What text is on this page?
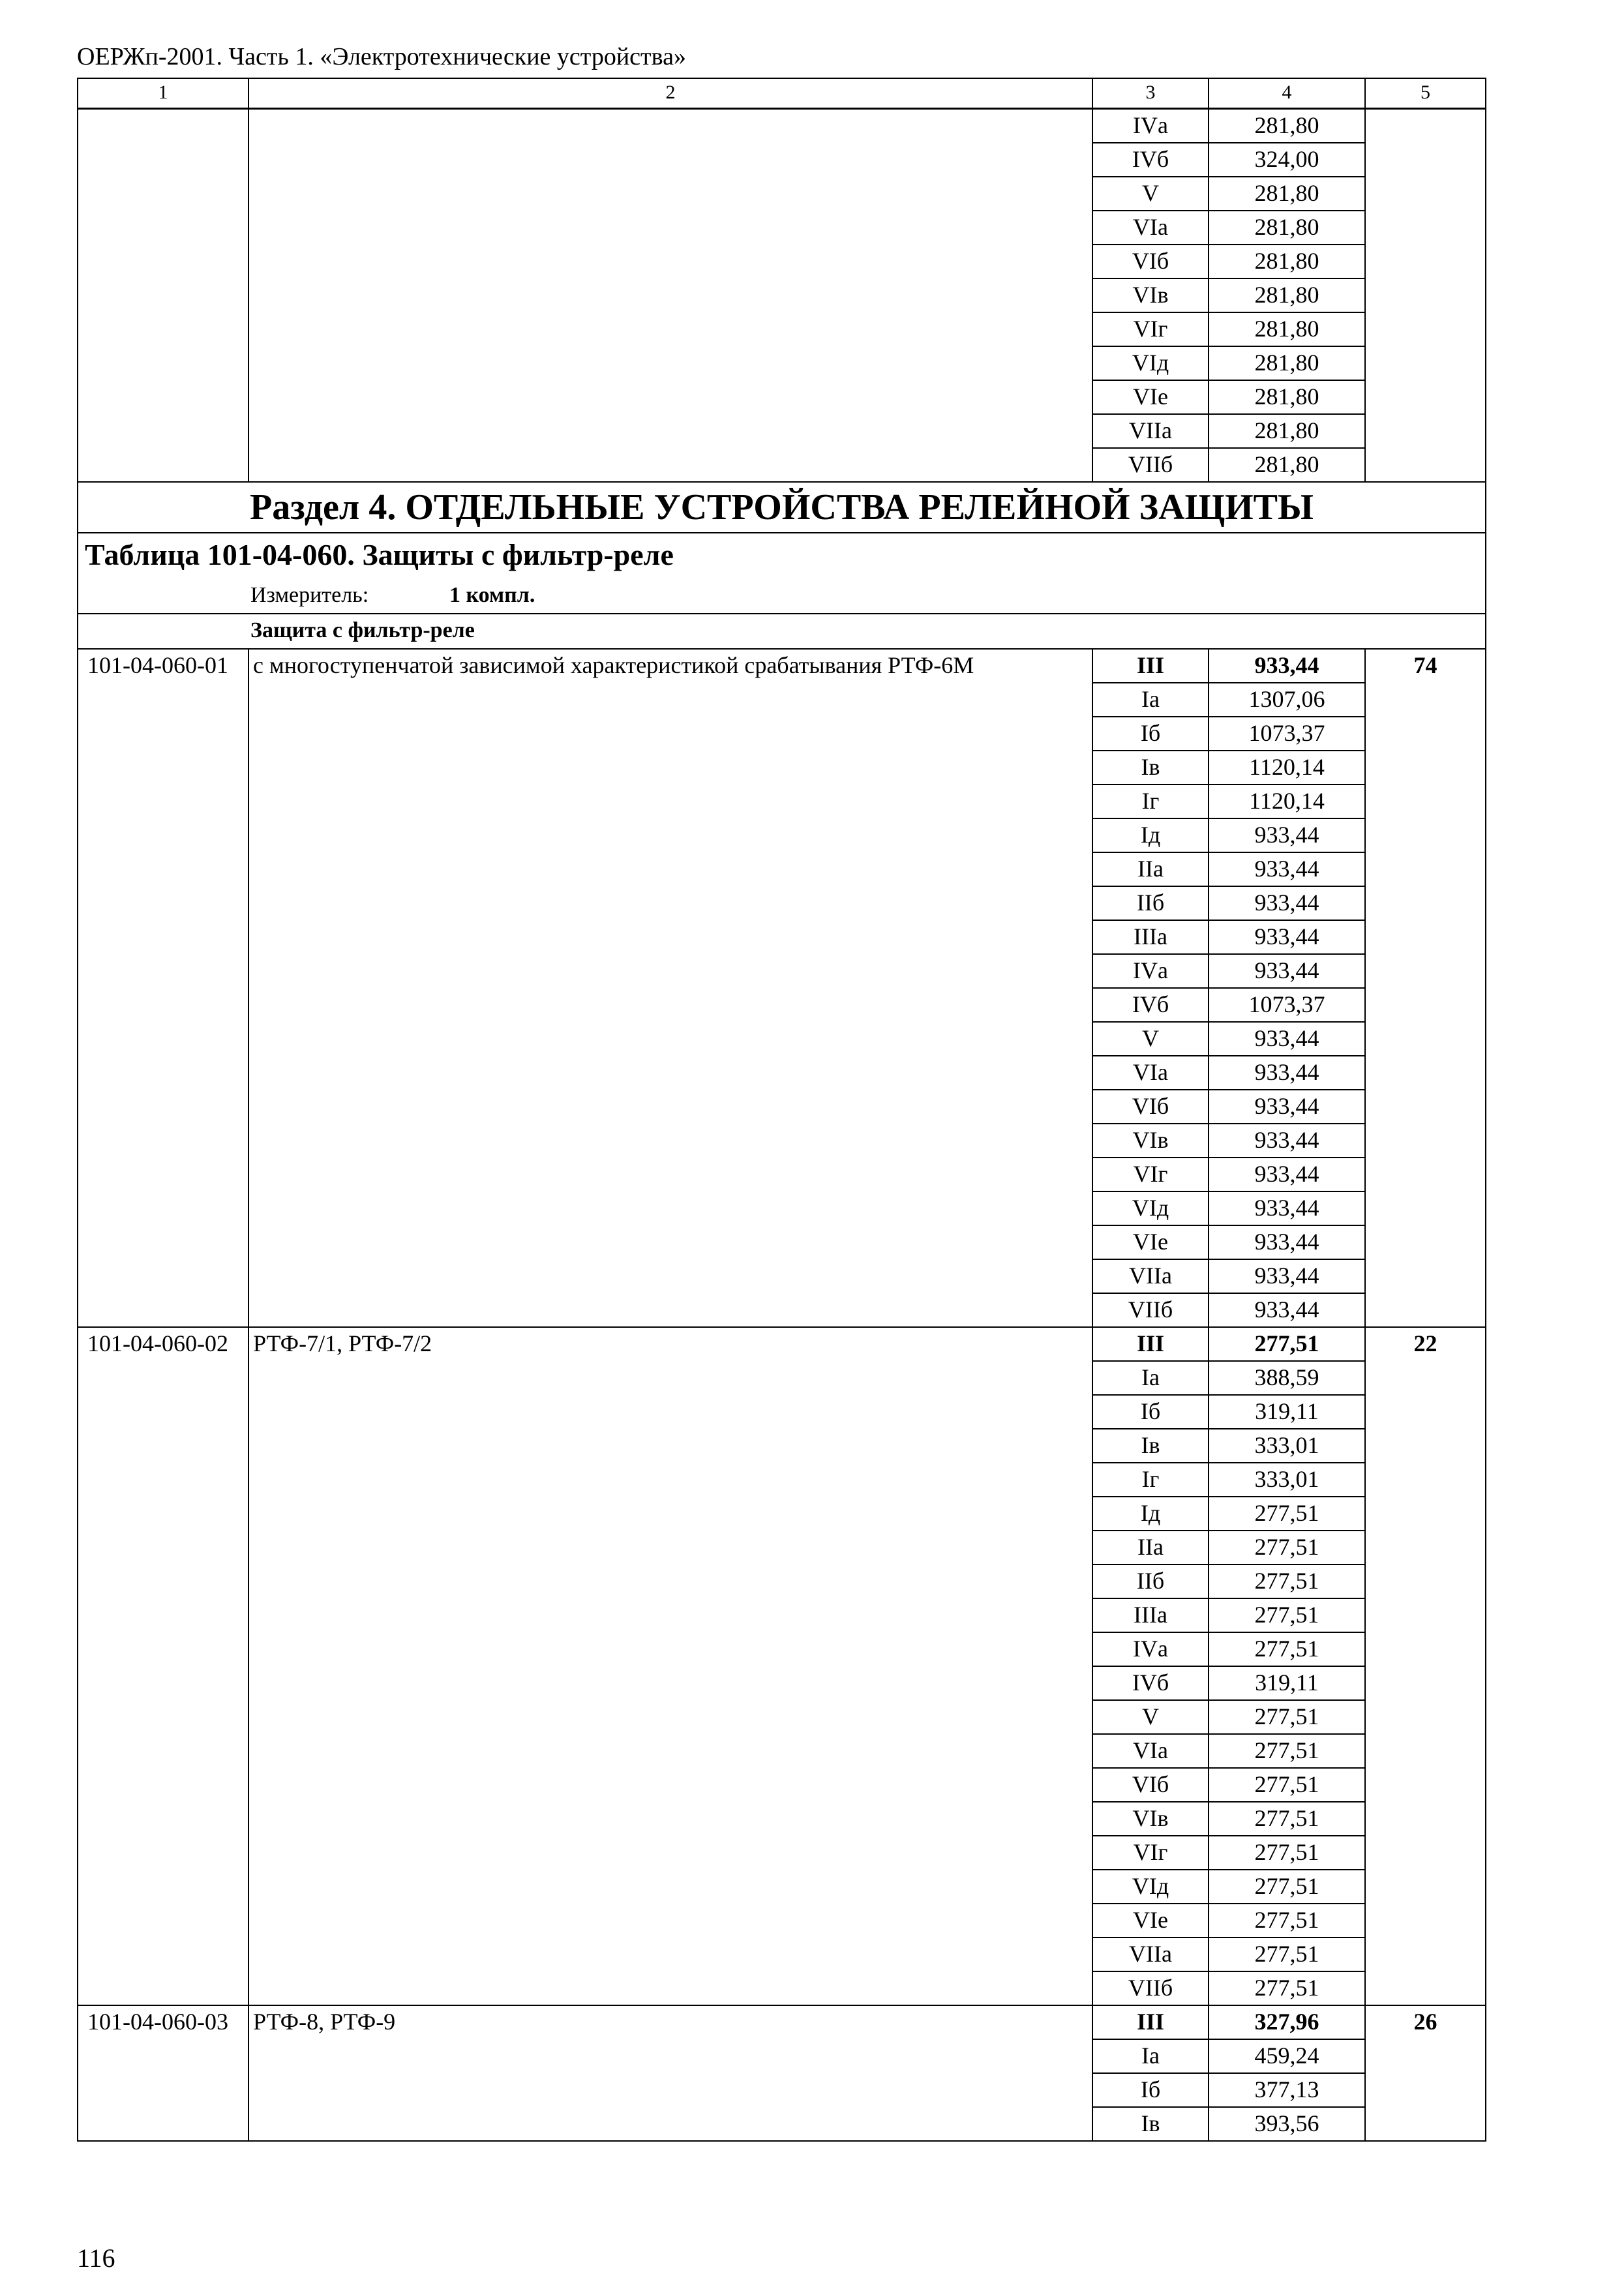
ОЕРЖп-2001. Часть 1. «Электротехнические устройства»
1	2	3	4	5
		IVа	281,80	
		IVб	324,00	
		V	281,80	
		VIа	281,80	
		VIб	281,80	
		VIв	281,80	
		VIг	281,80	
		VIд	281,80	
		VIе	281,80	
		VIIа	281,80	
		VIIб	281,80	
Раздел 4. ОТДЕЛЬНЫЕ УСТРОЙСТВА РЕЛЕЙНОЙ ЗАЩИТЫ				
Таблица 101-04-060. Защиты с фильтр-реле				
Измеритель: 1 компл.				
Защита с фильтр-реле				
101-04-060-01	с многоступенчатой зависимой характеристикой срабатывания РТФ-6М	III	933,44	74
		Iа	1307,06	
		Iб	1073,37	
		Iв	1120,14	
		Iг	1120,14	
		Iд	933,44	
		IIа	933,44	
		IIб	933,44	
		IIIа	933,44	
		IVа	933,44	
		IVб	1073,37	
		V	933,44	
		VIа	933,44	
		VIб	933,44	
		VIв	933,44	
		VIг	933,44	
		VIд	933,44	
		VIе	933,44	
		VIIа	933,44	
		VIIб	933,44	
101-04-060-02	РТФ-7/1, РТФ-7/2	III	277,51	22
		Iа	388,59	
		Iб	319,11	
		Iв	333,01	
		Iг	333,01	
		Iд	277,51	
		IIа	277,51	
		IIб	277,51	
		IIIа	277,51	
		IVа	277,51	
		IVб	319,11	
		V	277,51	
		VIа	277,51	
		VIб	277,51	
		VIв	277,51	
		VIг	277,51	
		VIд	277,51	
		VIе	277,51	
		VIIа	277,51	
		VIIб	277,51	
101-04-060-03	РТФ-8, РТФ-9	III	327,96	26
		Iа	459,24	
		Iб	377,13	
		Iв	393,56	
116
